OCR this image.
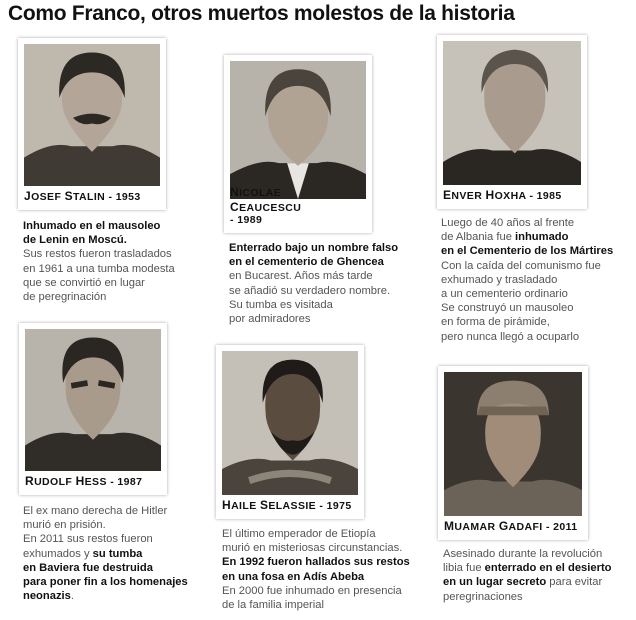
Como Franco, otros muertos molestos de la historia
JOSEF STALIN - 1953
Inhumado en el mausoleo
de Lenin en Moscú.
Sus restos fueron trasladados
en 1961 a una tumba modesta
que se convirtió en lugar
de peregrinación
NICOLAE CEAUCESCU
- 1989
Enterrado bajo un nombre falso
en el cementerio de Ghencea
en Bucarest. Años más tarde
se añadió su verdadero nombre.
Su tumba es visitada
por admiradores
ENVER HOXHA - 1985
Luego de 40 años al frente
de Albania fue inhumado
en el Cementerio de los Mártires
Con la caída del comunismo fue
exhumado y trasladado
a un cementerio ordinario
Se construyó un mausoleo
en forma de pirámide,
pero nunca llegó a ocuparlo
RUDOLF HESS - 1987
El ex mano derecha de Hitler
murió en prisión.
En 2011 sus restos fueron
exhumados y su tumba
en Baviera fue destruida
para poner fin a los homenajes
neonazis.
HAILE SELASSIE - 1975
El último emperador de Etiopía
murió en misteriosas circunstancias.
En 1992 fueron hallados sus restos
en una fosa en Adís Abeba
En 2000 fue inhumado en presencia
de la familia imperial
MUAMAR GADAFI - 2011
Asesinado durante la revolución
libia fue enterrado en el desierto
en un lugar secreto para evitar
peregrinaciones
